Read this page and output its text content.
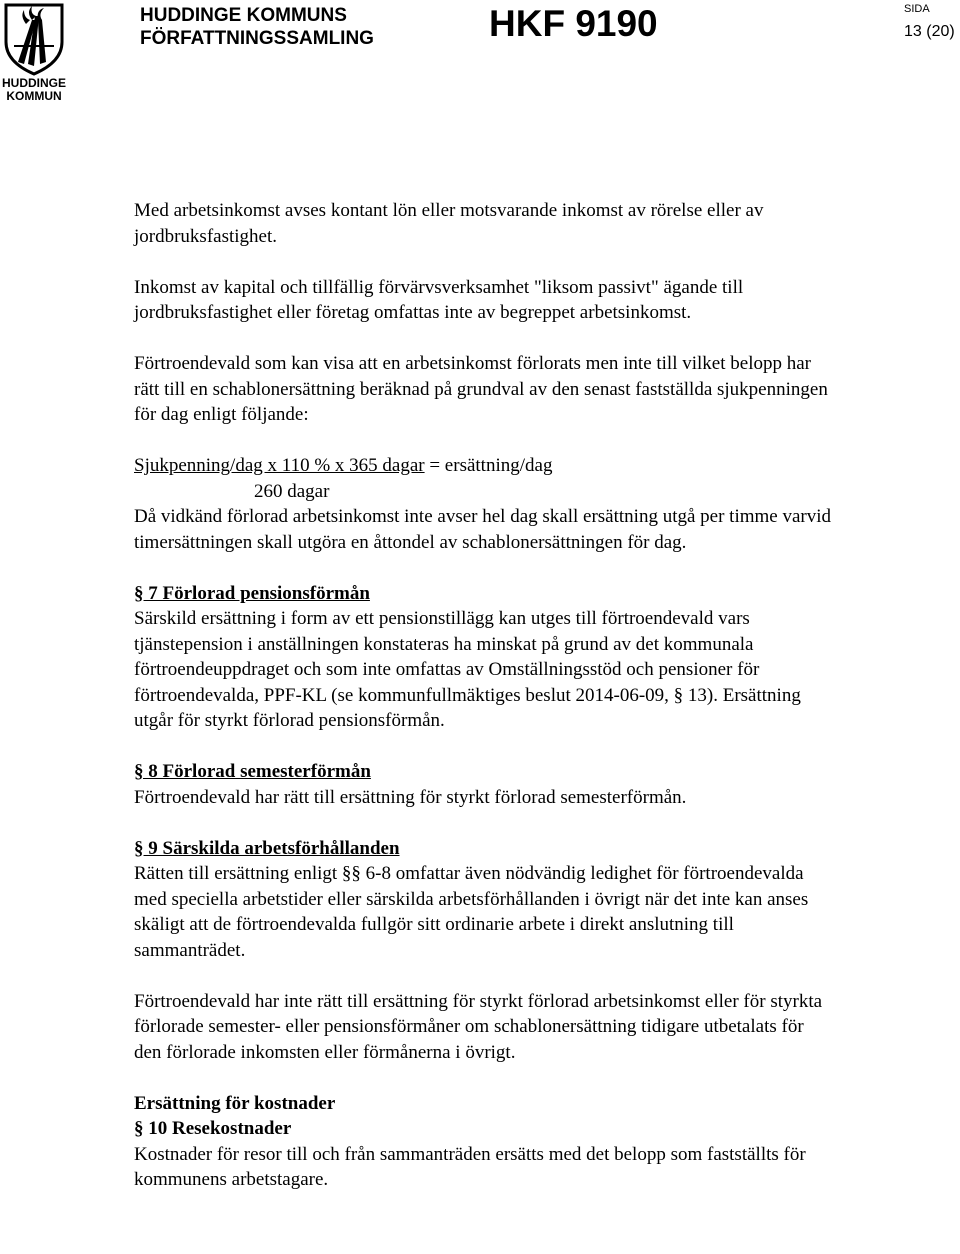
HUDDINGE
KOMMUN
HUDDINGE KOMMUNS
FÖRFATTNINGSSAMLING	HKF 9190	SIDA
13 (20)

Med arbetsinkomst avses kontant lön eller motsvarande inkomst av rörelse eller av jordbruksfastighet.

Inkomst av kapital och tillfällig förvärvsverksamhet "liksom passivt" ägande till jordbruksfastighet eller företag omfattas inte av begreppet arbetsinkomst.

Förtroendevald som kan visa att en arbetsinkomst förlorats men inte till vilket belopp har rätt till en schablonersättning beräknad på grundval av den senast fastställda sjukpenningen för dag enligt följande:

Sjukpenning/dag x 110 % x 365 dagar = ersättning/dag

260 dagar

Då vidkänd förlorad arbetsinkomst inte avser hel dag skall ersättning utgå per timme varvid timersättningen skall utgöra en åttondel av schablonersättningen för dag.

§ 7 Förlorad pensionsförmån

Särskild ersättning i form av ett pensionstillägg kan utges till förtroendevald vars tjänstepension i anställningen konstateras ha minskat på grund av det kommunala förtroendeuppdraget och som inte omfattas av Omställningsstöd och pensioner för förtroendevalda, PPF-KL (se kommunfullmäktiges beslut 2014-06-09, § 13). Ersättning utgår för styrkt förlorad pensionsförmån.

§ 8 Förlorad semesterförmån

Förtroendevald har rätt till ersättning för styrkt förlorad semesterförmån.

§ 9 Särskilda arbetsförhållanden

Rätten till ersättning enligt §§ 6-8 omfattar även nödvändig ledighet för förtroendevalda med speciella arbetstider eller särskilda arbetsförhållanden i övrigt när det inte kan anses skäligt att de förtroendevalda fullgör sitt ordinarie arbete i direkt anslutning till sammanträdet.

Förtroendevald har inte rätt till ersättning för styrkt förlorad arbetsinkomst eller för styrkta förlorade semester- eller pensionsförmåner om schablonersättning tidigare utbetalats för den förlorade inkomsten eller förmånerna i övrigt.

Ersättning för kostnader

§ 10 Resekostnader

Kostnader för resor till och från sammanträden ersätts med det belopp som fastställts för kommunens arbetstagare.
